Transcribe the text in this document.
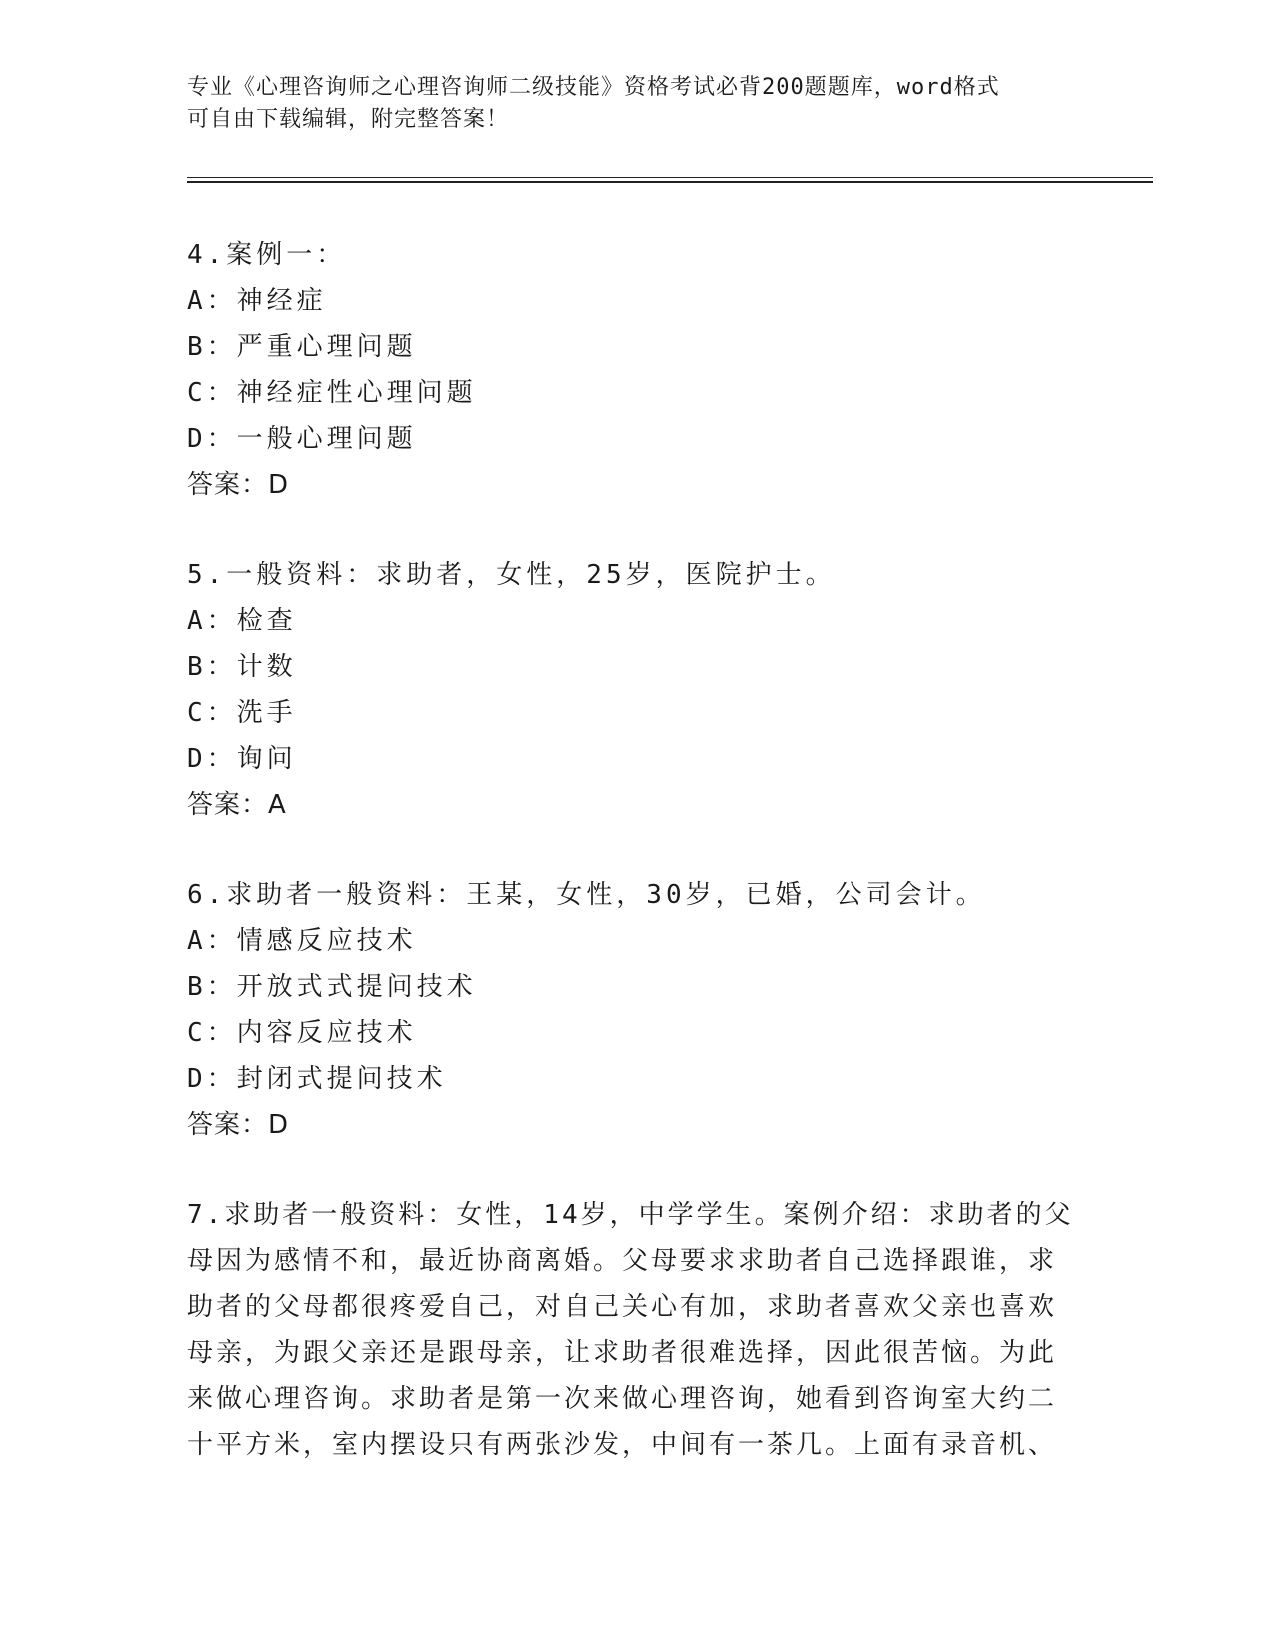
专业《心理咨询师之心理咨询师二级技能》资格考试必背200题题库，word格式
可自由下载编辑，附完整答案！
4.案例一：
A：神经症
B：严重心理问题
C：神经症性心理问题
D：一般心理问题
答案：D
5.一般资料：求助者，女性，25岁，医院护士。
A：检查
B：计数
C：洗手
D：询问
答案：A
6.求助者一般资料：王某，女性，30岁，已婚，公司会计。
A：情感反应技术
B：开放式式提问技术
C：内容反应技术
D：封闭式提问技术
答案：D
7.求助者一般资料：女性，14岁，中学学生。案例介绍：求助者的父
母因为感情不和，最近协商离婚。父母要求求助者自己选择跟谁，求
助者的父母都很疼爱自己，对自己关心有加，求助者喜欢父亲也喜欢
母亲，为跟父亲还是跟母亲，让求助者很难选择，因此很苦恼。为此
来做心理咨询。求助者是第一次来做心理咨询，她看到咨询室大约二
十平方米，室内摆设只有两张沙发，中间有一茶几。上面有录音机、
